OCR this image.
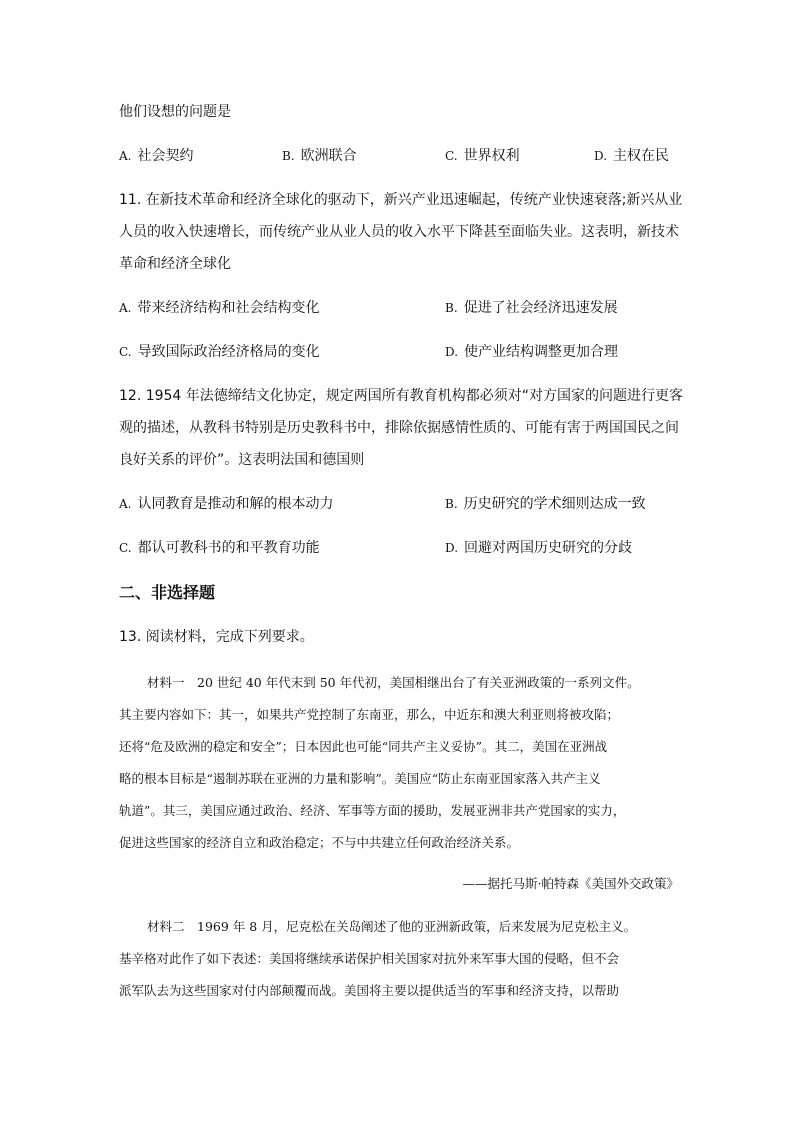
他们设想的问题是
A. 社会契约	B. 欧洲联合	C. 世界权利	D. 主权在民
11. 在新技术革命和经济全球化的驱动下，新兴产业迅速崛起，传统产业快速衰落;新兴从业
人员的收入快速增长，而传统产业从业人员的收入水平下降甚至面临失业。这表明，新技术
革命和经济全球化
A. 带来经济结构和社会结构变化	B. 促进了社会经济迅速发展
C. 导致国际政治经济格局的变化	D. 使产业结构调整更加合理
12. 1954 年法德缔结文化协定，规定两国所有教育机构都必须对“对方国家的问题进行更客
观的描述，从教科书特别是历史教科书中，排除依据感情性质的、可能有害于两国国民之间
良好关系的评价”。这表明法国和德国则
A. 认同教育是推动和解的根本动力	B. 历史研究的学术细则达成一致
C. 都认可教科书的和平教育功能	D. 回避对两国历史研究的分歧
二、非选择题
13. 阅读材料，完成下列要求。
材料一　20 世纪 40 年代末到 50 年代初，美国相继出台了有关亚洲政策的一系列文件。
其主要内容如下：其一，如果共产党控制了东南亚，那么，中近东和澳大利亚则将被攻陷；
还将“危及欧洲的稳定和安全”；日本因此也可能“同共产主义妥协”。其二，美国在亚洲战
略的根本目标是“遏制苏联在亚洲的力量和影响”。美国应“防止东南亚国家落入共产主义
轨道”。其三，美国应通过政治、经济、军事等方面的援助，发展亚洲非共产党国家的实力，
促进这些国家的经济自立和政治稳定；不与中共建立任何政治经济关系。
——据托马斯·帕特森《美国外交政策》
材料二　1969 年 8 月，尼克松在关岛阐述了他的亚洲新政策，后来发展为尼克松主义。
基辛格对此作了如下表述：美国将继续承诺保护相关国家对抗外来军事大国的侵略，但不会
派军队去为这些国家对付内部颠覆而战。美国将主要以提供适当的军事和经济支持，以帮助
